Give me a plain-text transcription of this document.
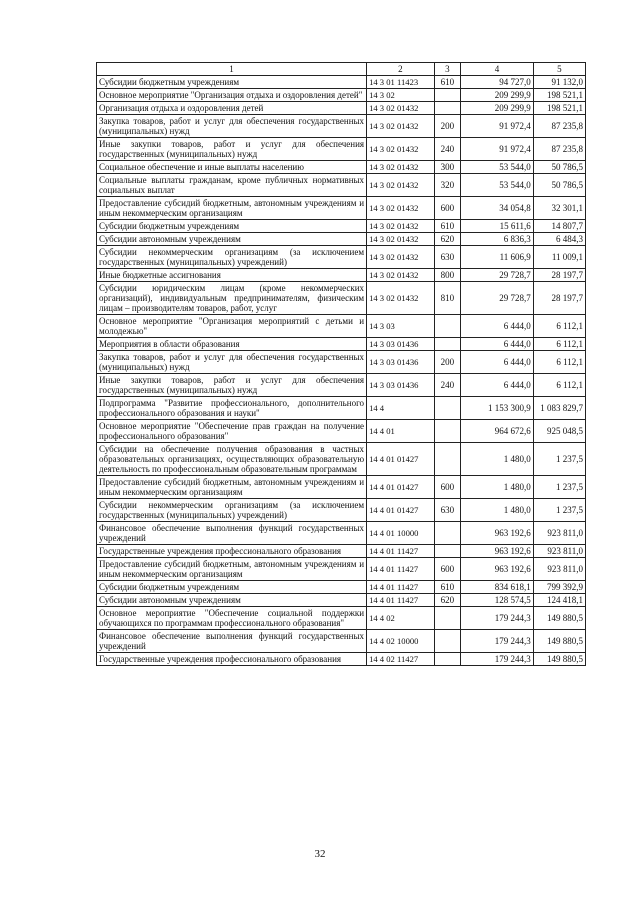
1	2	3	4	5
Субсидии бюджетным учреждениям	14 3 01 11423	610	94 727,0	91 132,0
Основное мероприятие "Организация отдыха и оздоровления детей"	14 3 02		209 299,9	198 521,1
Организация отдыха и оздоровления детей	14 3 02 01432		209 299,9	198 521,1
Закупка товаров, работ и услуг для обеспечения государственных (муниципальных) нужд	14 3 02 01432	200	91 972,4	87 235,8
Иные закупки товаров, работ и услуг для обеспечения государственных (муниципальных) нужд	14 3 02 01432	240	91 972,4	87 235,8
Социальное обеспечение и иные выплаты населению	14 3 02 01432	300	53 544,0	50 786,5
Социальные выплаты гражданам, кроме публичных нормативных социальных выплат	14 3 02 01432	320	53 544,0	50 786,5
Предоставление субсидий бюджетным, автономным учреждениям и иным некоммерческим организациям	14 3 02 01432	600	34 054,8	32 301,1
Субсидии бюджетным учреждениям	14 3 02 01432	610	15 611,6	14 807,7
Субсидии автономным учреждениям	14 3 02 01432	620	6 836,3	6 484,3
Субсидии некоммерческим организациям (за исключением государственных (муниципальных) учреждений)	14 3 02 01432	630	11 606,9	11 009,1
Иные бюджетные ассигнования	14 3 02 01432	800	29 728,7	28 197,7
Субсидии юридическим лицам (кроме некоммерческих организаций), индивидуальным предпринимателям, физическим лицам – производителям товаров, работ, услуг	14 3 02 01432	810	29 728,7	28 197,7
Основное мероприятие "Организация мероприятий с детьми и молодежью"	14 3 03		6 444,0	6 112,1
Мероприятия в области образования	14 3 03 01436		6 444,0	6 112,1
Закупка товаров, работ и услуг для обеспечения государственных (муниципальных) нужд	14 3 03 01436	200	6 444,0	6 112,1
Иные закупки товаров, работ и услуг для обеспечения государственных (муниципальных) нужд	14 3 03 01436	240	6 444,0	6 112,1
Подпрограмма "Развитие профессионального, дополнительного профессионального образования и науки"	14 4		1 153 300,9	1 083 829,7
Основное мероприятие "Обеспечение прав граждан на получение профессионального образования"	14 4 01		964 672,6	925 048,5
Субсидии на обеспечение получения образования в частных образовательных организациях, осуществляющих образовательную деятельность по профессиональным образовательным программам	14 4 01 01427		1 480,0	1 237,5
Предоставление субсидий бюджетным, автономным учреждениям и иным некоммерческим организациям	14 4 01 01427	600	1 480,0	1 237,5
Субсидии некоммерческим организациям (за исключением государственных (муниципальных) учреждений)	14 4 01 01427	630	1 480,0	1 237,5
Финансовое обеспечение выполнения функций государственных учреждений	14 4 01 10000		963 192,6	923 811,0
Государственные учреждения профессионального образования	14 4 01 11427		963 192,6	923 811,0
Предоставление субсидий бюджетным, автономным учреждениям и иным некоммерческим организациям	14 4 01 11427	600	963 192,6	923 811,0
Субсидии бюджетным учреждениям	14 4 01 11427	610	834 618,1	799 392,9
Субсидии автономным учреждениям	14 4 01 11427	620	128 574,5	124 418,1
Основное мероприятие "Обеспечение социальной поддержки обучающихся по программам профессионального образования"	14 4 02		179 244,3	149 880,5
Финансовое обеспечение выполнения функций государственных учреждений	14 4 02 10000		179 244,3	149 880,5
Государственные учреждения профессионального образования	14 4 02 11427		179 244,3	149 880,5
32
